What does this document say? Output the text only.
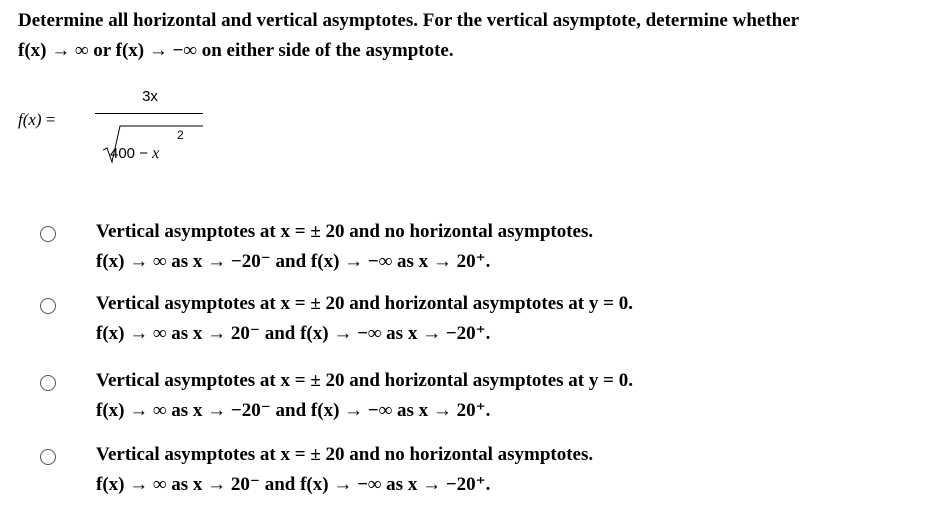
Determine all horizontal and vertical asymptotes. For the vertical asymptote, determine whether
f(x) → ∞ or f(x) → −∞ on either side of the asymptote.
f(x) =
3x
400 − x
2
Vertical asymptotes at x = ± 20 and no horizontal asymptotes.
f(x) → ∞ as x → −20⁻ and f(x) → −∞ as x → 20⁺.
Vertical asymptotes at x = ± 20 and horizontal asymptotes at y = 0.
f(x) → ∞ as x → 20⁻ and f(x) → −∞ as x → −20⁺.
Vertical asymptotes at x = ± 20 and horizontal asymptotes at y = 0.
f(x) → ∞ as x → −20⁻ and f(x) → −∞ as x → 20⁺.
Vertical asymptotes at x = ± 20 and no horizontal asymptotes.
f(x) → ∞ as x → 20⁻ and f(x) → −∞ as x → −20⁺.
